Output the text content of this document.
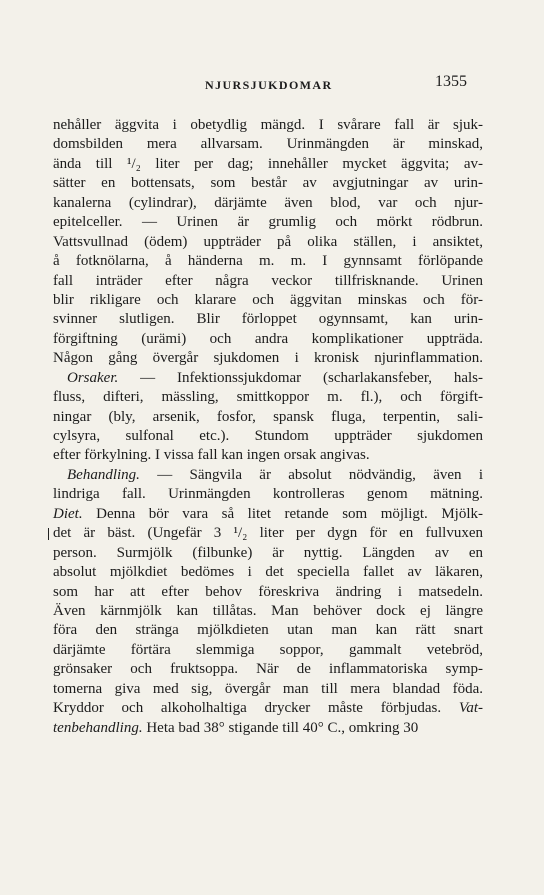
NJURSJUKDOMAR	1355
nehåller äggvita i obetydlig mängd. I svårare fall är sjuk-
domsbilden mera allvarsam. Urinmängden är minskad,
ända till ¹/₂ liter per dag; innehåller mycket äggvita; av-
sätter en bottensats, som består av avgjutningar av urin-
kanalerna (cylindrar), därjämte även blod, var och njur-
epitelceller. — Urinen är grumlig och mörkt rödbrun.
Vattsvullnad (ödem) uppträder på olika ställen, i ansiktet,
å fotknölarna, å händerna m. m. I gynnsamt förlöpande
fall inträder efter några veckor tillfrisknande. Urinen
blir rikligare och klarare och äggvitan minskas och för-
svinner slutligen. Blir förloppet ogynnsamt, kan urin-
förgiftning (urämi) och andra komplikationer uppträda.
Någon gång övergår sjukdomen i kronisk njurinflammation.
Orsaker. — Infektionssjukdomar (scharlakansfeber, hals-
fluss, difteri, mässling, smittkoppor m. fl.), och förgift-
ningar (bly, arsenik, fosfor, spansk fluga, terpentin, sali-
cylsyra, sulfonal etc.). Stundom uppträder sjukdomen
efter förkylning. I vissa fall kan ingen orsak angivas.
Behandling. — Sängvila är absolut nödvändig, även i
lindriga fall. Urinmängden kontrolleras genom mätning.
Diet. Denna bör vara så litet retande som möjligt. Mjölk-
det är bäst. (Ungefär 3 ¹/₂ liter per dygn för en fullvuxen
person. Surmjölk (filbunke) är nyttig. Längden av en
absolut mjölkdiet bedömes i det speciella fallet av läkaren,
som har att efter behov föreskriva ändring i matsedeln.
Även kärnmjölk kan tillåtas. Man behöver dock ej längre
föra den stränga mjölkdieten utan man kan rätt snart
därjämte förtära slemmiga soppor, gammalt vetebröd,
grönsaker och fruktsoppa. När de inflammatoriska symp-
tomerna giva med sig, övergår man till mera blandad föda.
Kryddor och alkoholhaltiga drycker måste förbjudas. Vat-
tenbehandling. Heta bad 38° stigande till 40° C., omkring 30
